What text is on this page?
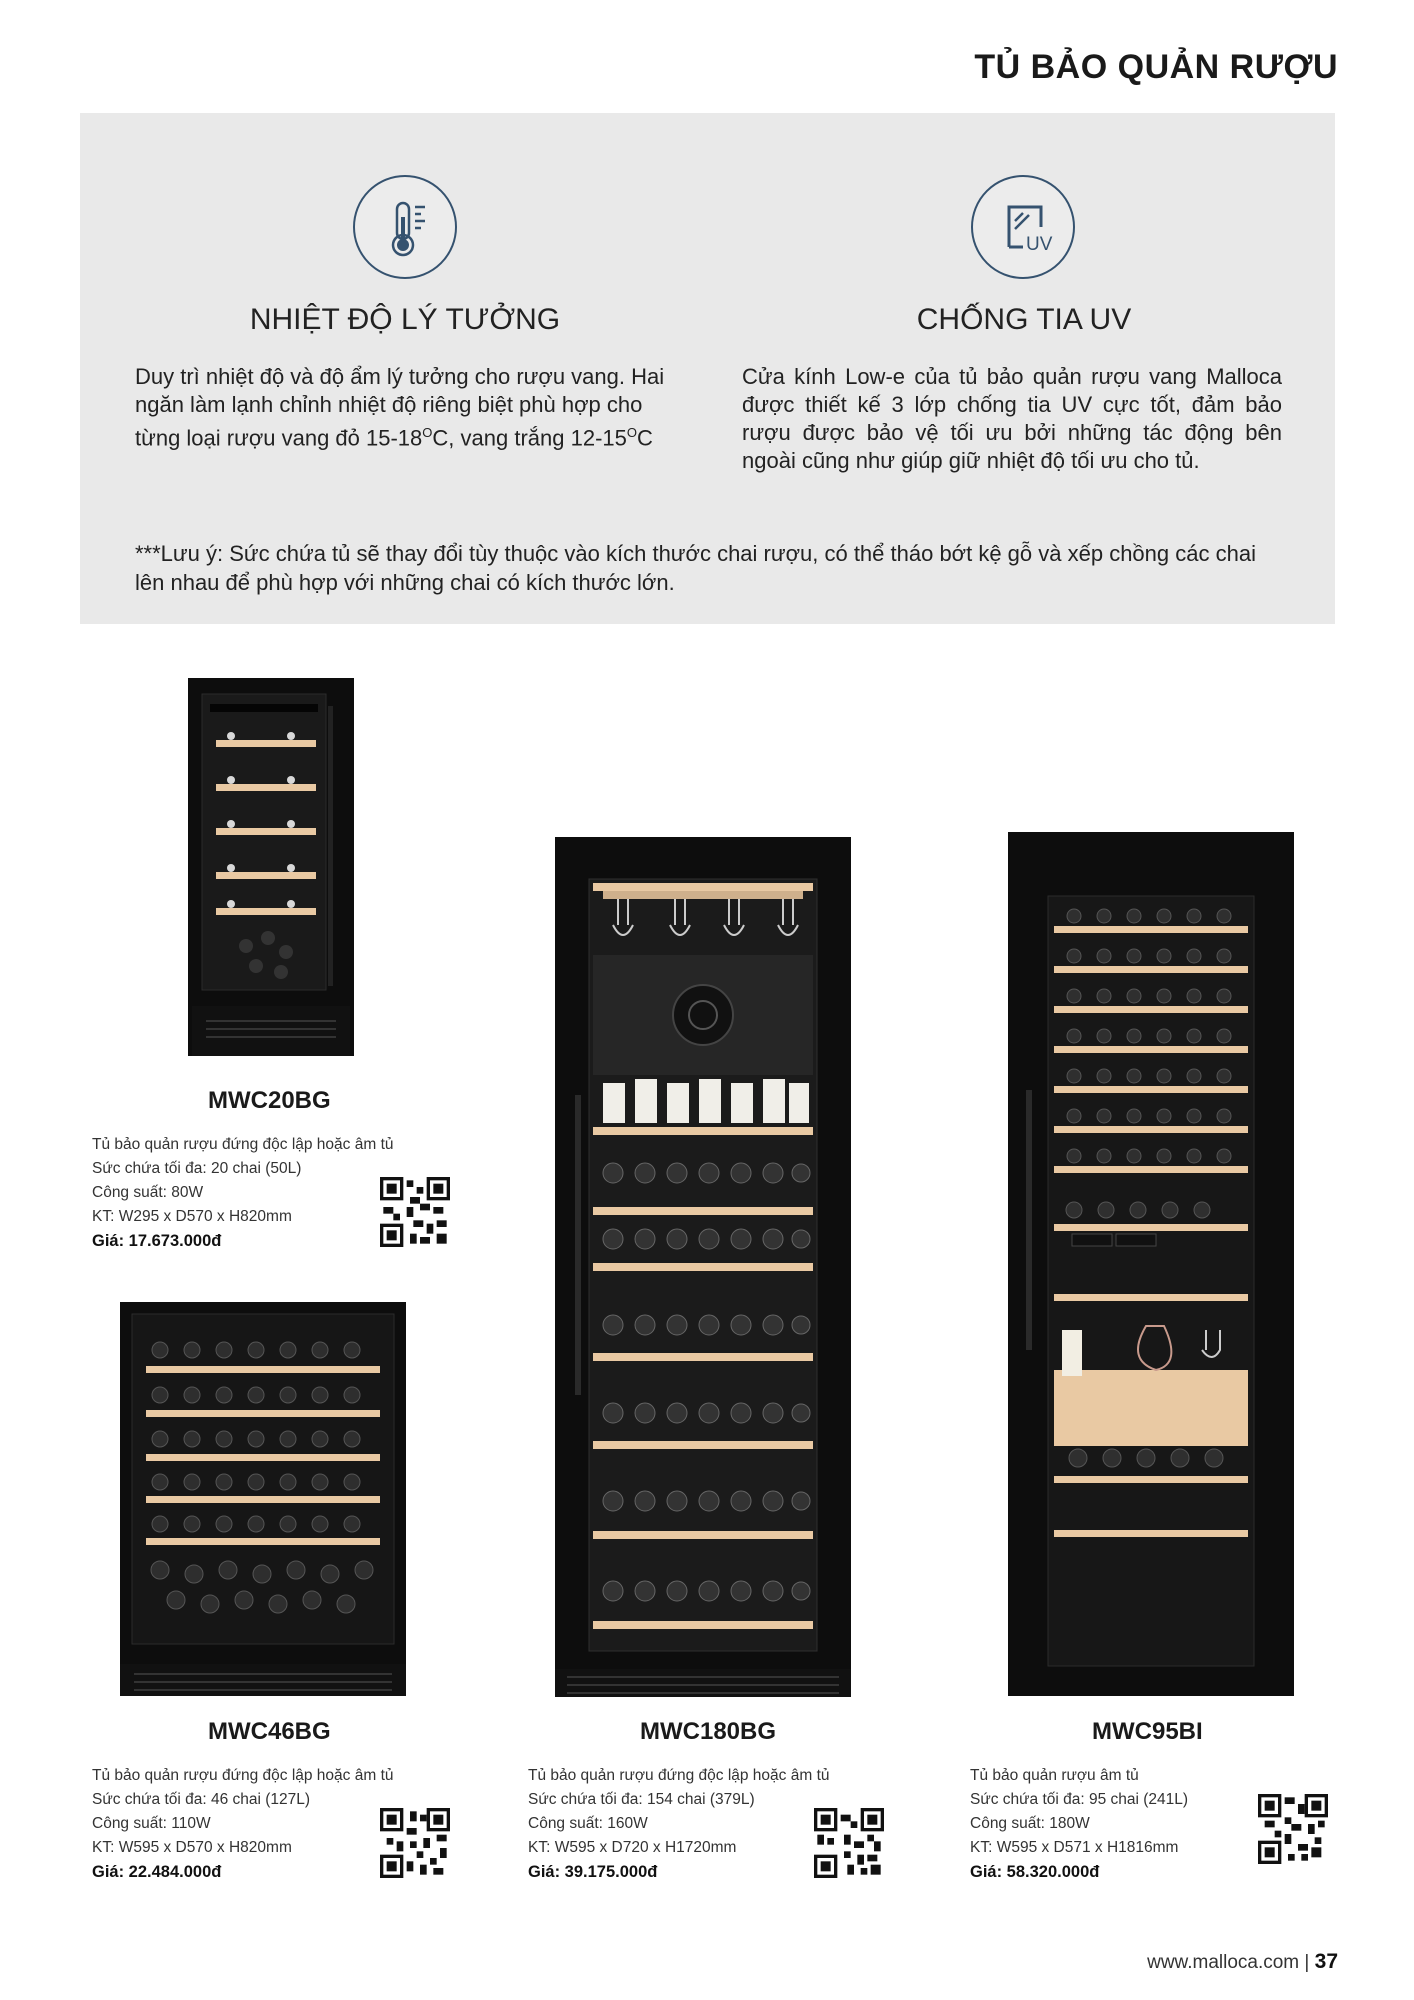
TỦ BẢO QUẢN RƯỢU
NHIỆT ĐỘ LÝ TƯỞNG

Duy trì nhiệt độ và độ ẩm lý tưởng cho rượu vang. Hai ngăn làm lạnh chỉnh nhiệt độ riêng biệt phù hợp cho từng loại rượu vang đỏ $15-18^OC$, vang trắng $12-15^OC$

UV
CHỐNG TIA UV

Cửa kính Low-e của tủ bảo quản rượu vang Malloca được thiết kế 3 lớp chống tia UV cực tốt, đảm bảo rượu được bảo vệ tối ưu bởi những tác động bên ngoài cũng như giúp giữ nhiệt độ tối ưu cho tủ.

***Lưu ý: Sức chứa tủ sẽ thay đổi tùy thuộc vào kích thước chai rượu, có thể tháo bớt kệ gỗ và xếp chồng các chai lên nhau để phù hợp với những chai có kích thước lớn.

MWC20BG
Tủ bảo quản rượu đứng độc lập hoặc âm tủ
Sức chứa tối đa: 20 chai (50L)
Công suất: 80W
KT: W295 x D570 x H820mm
Giá: 17.673.000đ
MWC46BG
Tủ bảo quản rượu đứng độc lập hoặc âm tủ
Sức chứa tối đa: 46 chai (127L)
Công suất: 110W
KT: W595 x D570 x H820mm
Giá: 22.484.000đ
MWC180BG
Tủ bảo quản rượu đứng độc lập hoặc âm tủ
Sức chứa tối đa: 154 chai (379L)
Công suất: 160W
KT: W595 x D720 x H1720mm
Giá: 39.175.000đ
MWC95BI
Tủ bảo quản rượu âm tủ
Sức chứa tối đa: 95 chai (241L)
Công suất: 180W
KT: W595 x D571 x H1816mm
Giá: 58.320.000đ
www.malloca.com | 37
